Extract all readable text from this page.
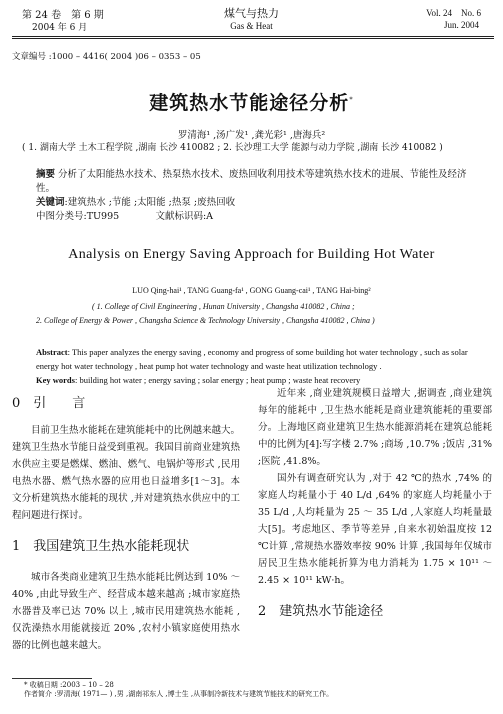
第 24 卷　第 6 期
2004 年 6 月
煤气与热力
Gas & Heat
Vol. 24　No. 6
Jun. 2004
文章编号 :1000 – 4416( 2004 )06 – 0353 – 05
建筑热水节能途径分析*
罗清海¹ ,汤广发¹ ,龚光彩¹ ,唐海兵²
( 1. 湖南大学 土木工程学院 ,湖南 长沙 410082 ; 2. 长沙理工大学 能源与动力学院 ,湖南 长沙 410082 )

摘要 分析了太阳能热水技术、热泵热水技术、废热回收利用技术等建筑热水技术的进展、节能性及经济性。

关键词:建筑热水 ;节能 ;太阳能 ;热泵 ;废热回收

中图分类号:TU995	文献标识码:A

Analysis on Energy Saving Approach for Building Hot Water
LUO Qing-hai¹ , TANG Guang-fa¹ , GONG Guang-cai¹ , TANG Hai-bing²
( 1. College of Civil Engineering , Hunan University , Changsha 410082 , China ;
2. College of Energy & Power , Changsha Science & Technology University , Changsha 410082 , China )

Abstract: This paper analyzes the energy saving , economy and progress of some building hot water technology , such as solar energy hot water technology , heat pump hot water technology and waste heat utilization technology .

Key words: building hot water ; energy saving ; solar energy ; heat pump ; waste heat recovery

0　引　　言

目前卫生热水能耗在建筑能耗中的比例越来越大。建筑卫生热水节能日益受到重视。我国目前商业建筑热水供应主要是燃煤、燃油、燃气、电锅炉等形式 ,民用电热水器、燃气热水器的应用也日益增多[1～3]。本文分析建筑热水能耗的现状 ,并对建筑热水供应中的工程问题进行探讨。

1　我国建筑卫生热水能耗现状

城市各类商业建筑卫生热水能耗比例达到 10% ～ 40% ,由此导致生产、经营成本越来越高 ;城市家庭热水器普及率已达 70% 以上 ,城市民用建筑热水能耗 ,仅洗澡热水用能就接近 20% ,农村小镇家庭使用热水器的比例也越来越大。

近年来 ,商业建筑规模日益增大 ,据调查 ,商业建筑每年的能耗中 ,卫生热水能耗是商业建筑能耗的重要部分。上海地区商业建筑卫生热水能源消耗在建筑总能耗中的比例为[4]:写字楼 2.7% ;商场 ,10.7% ;饭店 ,31% ;医院 ,41.8%。

国外有调查研究认为 ,对于 42 ℃的热水 ,74% 的家庭人均耗量小于 40 L/d ,64% 的家庭人均耗量小于 35 L/d ,人均耗量为 25 ～ 35 L/d ,人家庭人均耗量最大[5]。考虑地区、季节等差异 ,自来水初始温度按 12 ℃计算 ,常规热水器效率按 90% 计算 ,我国每年仅城市居民卫生热水能耗折算为电力消耗为 1.75 × 10¹¹ ～ 2.45 × 10¹¹ kW·h。

2　建筑热水节能途径

* 收稿日期 :2003 – 10 – 28
作者简介 :罗清海( 1971— ) ,男 ,湖南祁东人 ,博士生 ,从事制冷新技术与建筑节能技术的研究工作。
